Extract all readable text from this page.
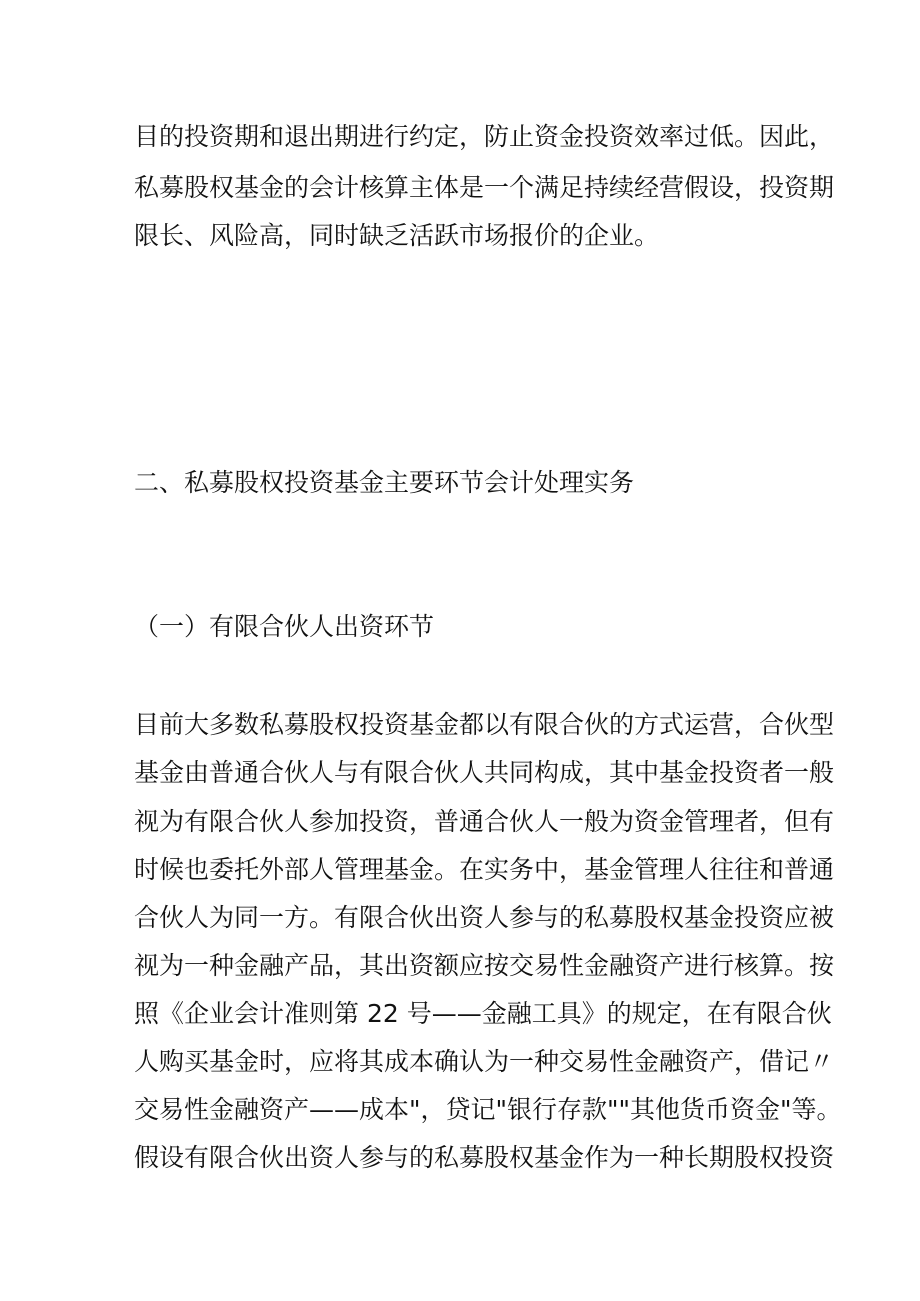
目的投资期和退出期进行约定，防止资金投资效率过低。因此，

私募股权基金的会计核算主体是一个满足持续经营假设，投资期

限长、风险高，同时缺乏活跃市场报价的企业。

二、私募股权投资基金主要环节会计处理实务
（一）有限合伙人出资环节

目前大多数私募股权投资基金都以有限合伙的方式运营，合伙型

基金由普通合伙人与有限合伙人共同构成，其中基金投资者一般

视为有限合伙人参加投资，普通合伙人一般为资金管理者，但有

时候也委托外部人管理基金。在实务中，基金管理人往往和普通

合伙人为同一方。有限合伙出资人参与的私募股权基金投资应被

视为一种金融产品，其出资额应按交易性金融资产进行核算。按

照《企业会计准则第 22 号——金融工具》的规定，在有限合伙

人购买基金时，应将其成本确认为一种交易性金融资产，借记〃

交易性金融资产——成本"，贷记"银行存款""其他货币资金"等。

假设有限合伙出资人参与的私募股权基金作为一种长期股权投资
